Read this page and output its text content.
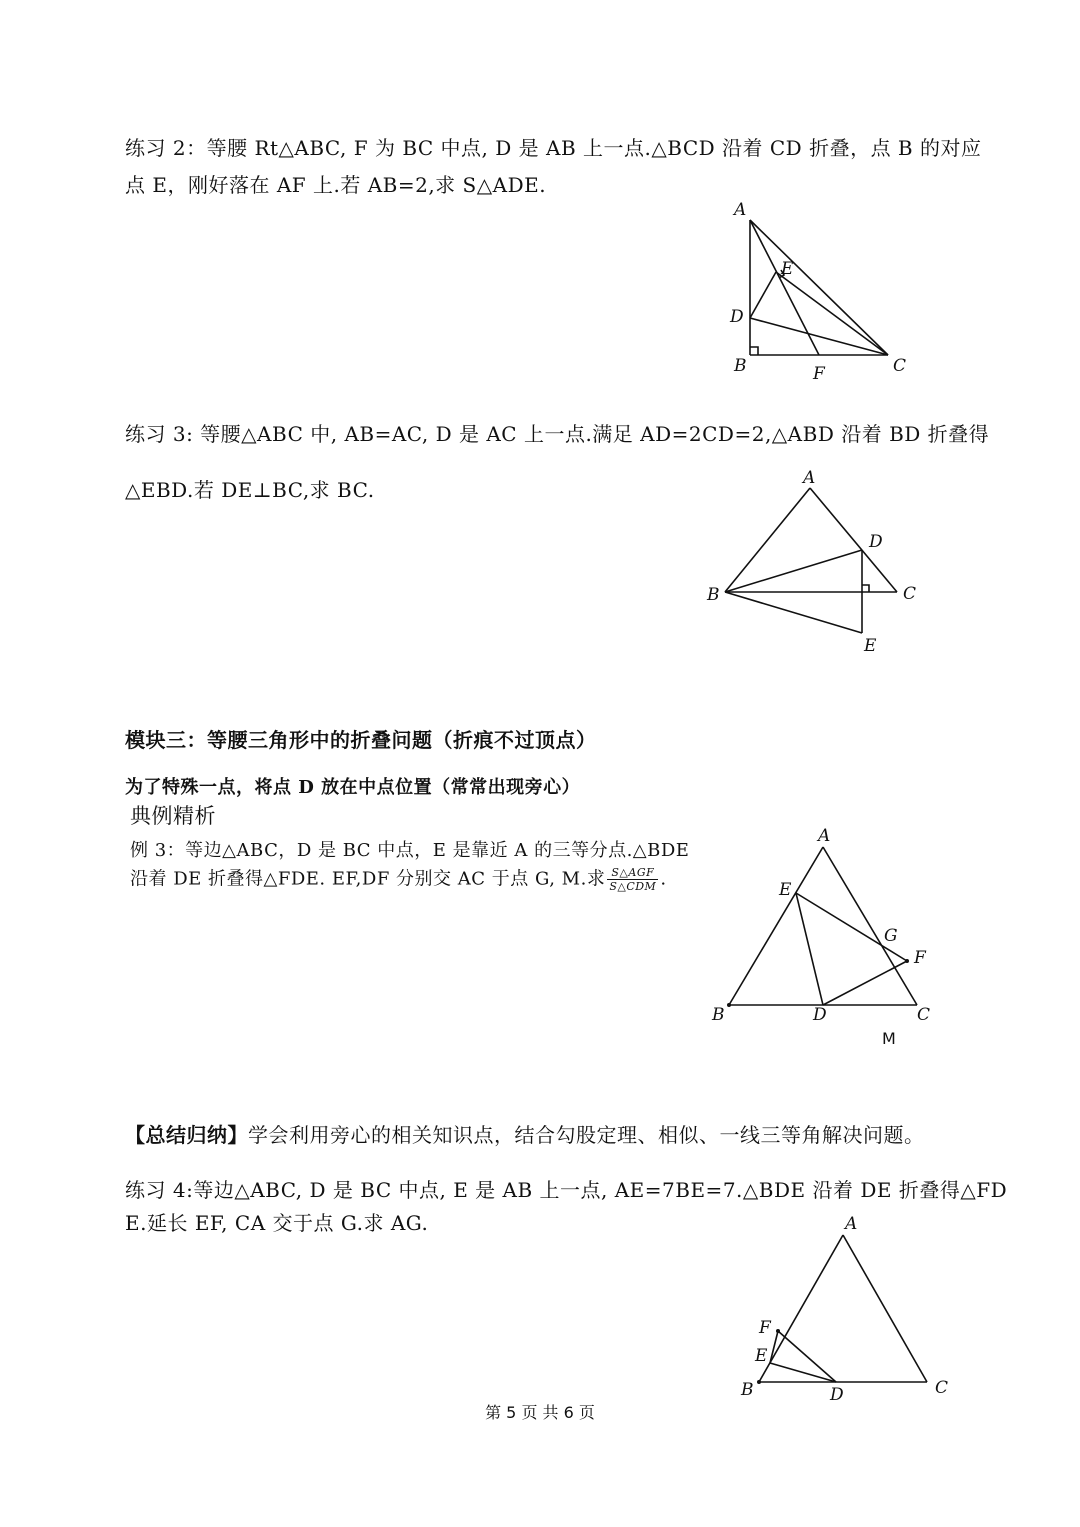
练习 2：等腰 Rt△ABC, F 为 BC 中点, D 是 AB 上一点.△BCD 沿着 CD 折叠，点 B 的对应
点 E，刚好落在 AF 上.若 AB=2,求 S△ADE.
A
E
D
B	F	C
练习 3: 等腰△ABC 中, AB=AC, D 是 AC 上一点.满足 AD=2CD=2,△ABD 沿着 BD 折叠得
△EBD.若 DE⊥BC,求 BC.	A
D
B	C
E
模块三：等腰三角形中的折叠问题（折痕不过顶点）
为了特殊一点，将点 D 放在中点位置（常常出现旁心）
典例精析
例 3：等边△ABC，D 是 BC 中点，E 是靠近 A 的三等分点.△BDE
沿着 DE 折叠得△FDE. EF,DF 分别交 AC 于点 G, M.求 $\frac{\text{S△AGF}}{\text{S△CDM}}$ .
A
E
G
F
B	D	C
M
【总结归纳】学会利用旁心的相关知识点，结合勾股定理、相似、一线三等角解决问题。
练习 4:等边△ABC, D 是 BC 中点, E 是 AB 上一点, AE=7BE=7.△BDE 沿着 DE 折叠得△FD
E.延长 EF, CA 交于点 G.求 AG.	A
F
E
B	D	C
第 5 页 共 6 页
